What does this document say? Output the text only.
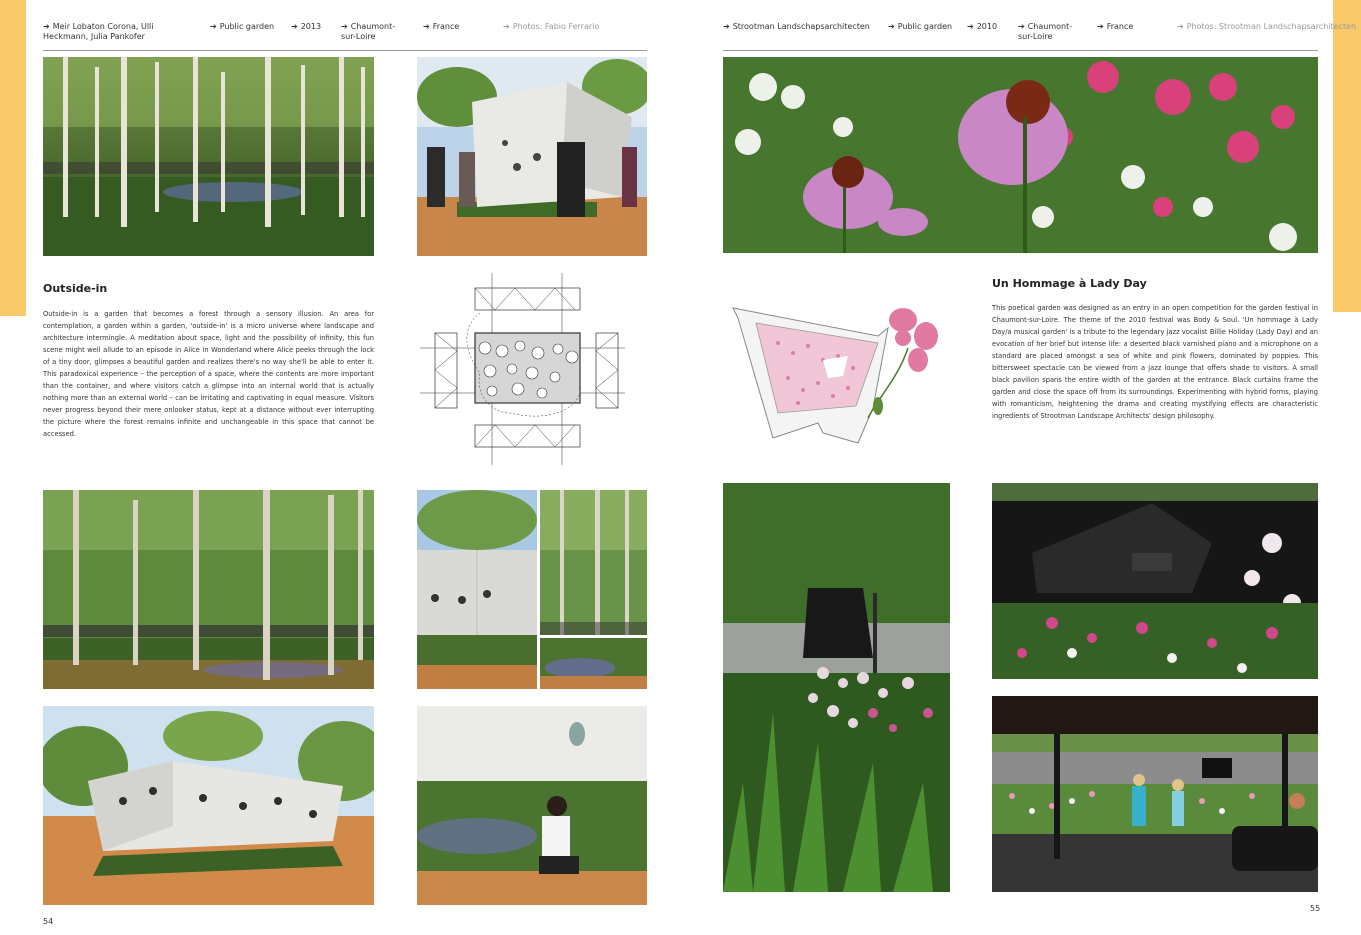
➔ Meir Lobaton Corona, Ulli Heckmann, Julia Pankofer
➔ Public garden ➔ 2013 ➔ Chaumont-sur-Loire
➔ France	➔ Photos: Fabio Ferrario	➔ Strootman Landschapsarchitecten ➔ Public garden ➔ 2010	➔ Chaumont-sur-Loire
➔ France	➔ Photos: Strootman Landschapsarchitecten
Outside-in
Outside-in is a garden that becomes a forest through a sensory illusion. An area for contemplation, a garden within a garden, 'outside-in' is a micro universe where landscape and architecture intermingle. A meditation about space, light and the possibility of infinity, this fun scene might well allude to an episode in Alice in Wonderland where Alice peeks through the lock of a tiny door, glimpses a beautiful garden and realizes there's no way she'll be able to enter it. This paradoxical experience – the perception of a space, where the contents are more important than the container, and where visitors catch a glimpse into an internal world that is actually nothing more than an external world – can be irritating and captivating in equal measure. Visitors never progress beyond their mere onlooker status, kept at a distance without ever interrupting the picture where the forest remains infinite and unchangeable in this space that cannot be accessed.
54
Un Hommage à Lady Day
This poetical garden was designed as an entry in an open competition for the garden festival in Chaumont-sur-Loire. The theme of the 2010 festival was Body & Soul. 'Un hommage à Lady Day/a musical garden' is a tribute to the legendary jazz vocalist Billie Holiday (Lady Day) and an evocation of her brief but intense life: a deserted black varnished piano and a microphone on a standard are placed amongst a sea of white and pink flowers, dominated by poppies. This bittersweet spectacle can be viewed from a jazz lounge that offers shade to visitors. A small black pavilion spans the entire width of the garden at the entrance. Black curtains frame the garden and close the space off from its surroundings. Experimenting with hybrid forms, playing with romanticism, heightening the drama and creating mystifying effects are characteristic ingredients of Strootman Landscape Architects' design philosophy.
55
